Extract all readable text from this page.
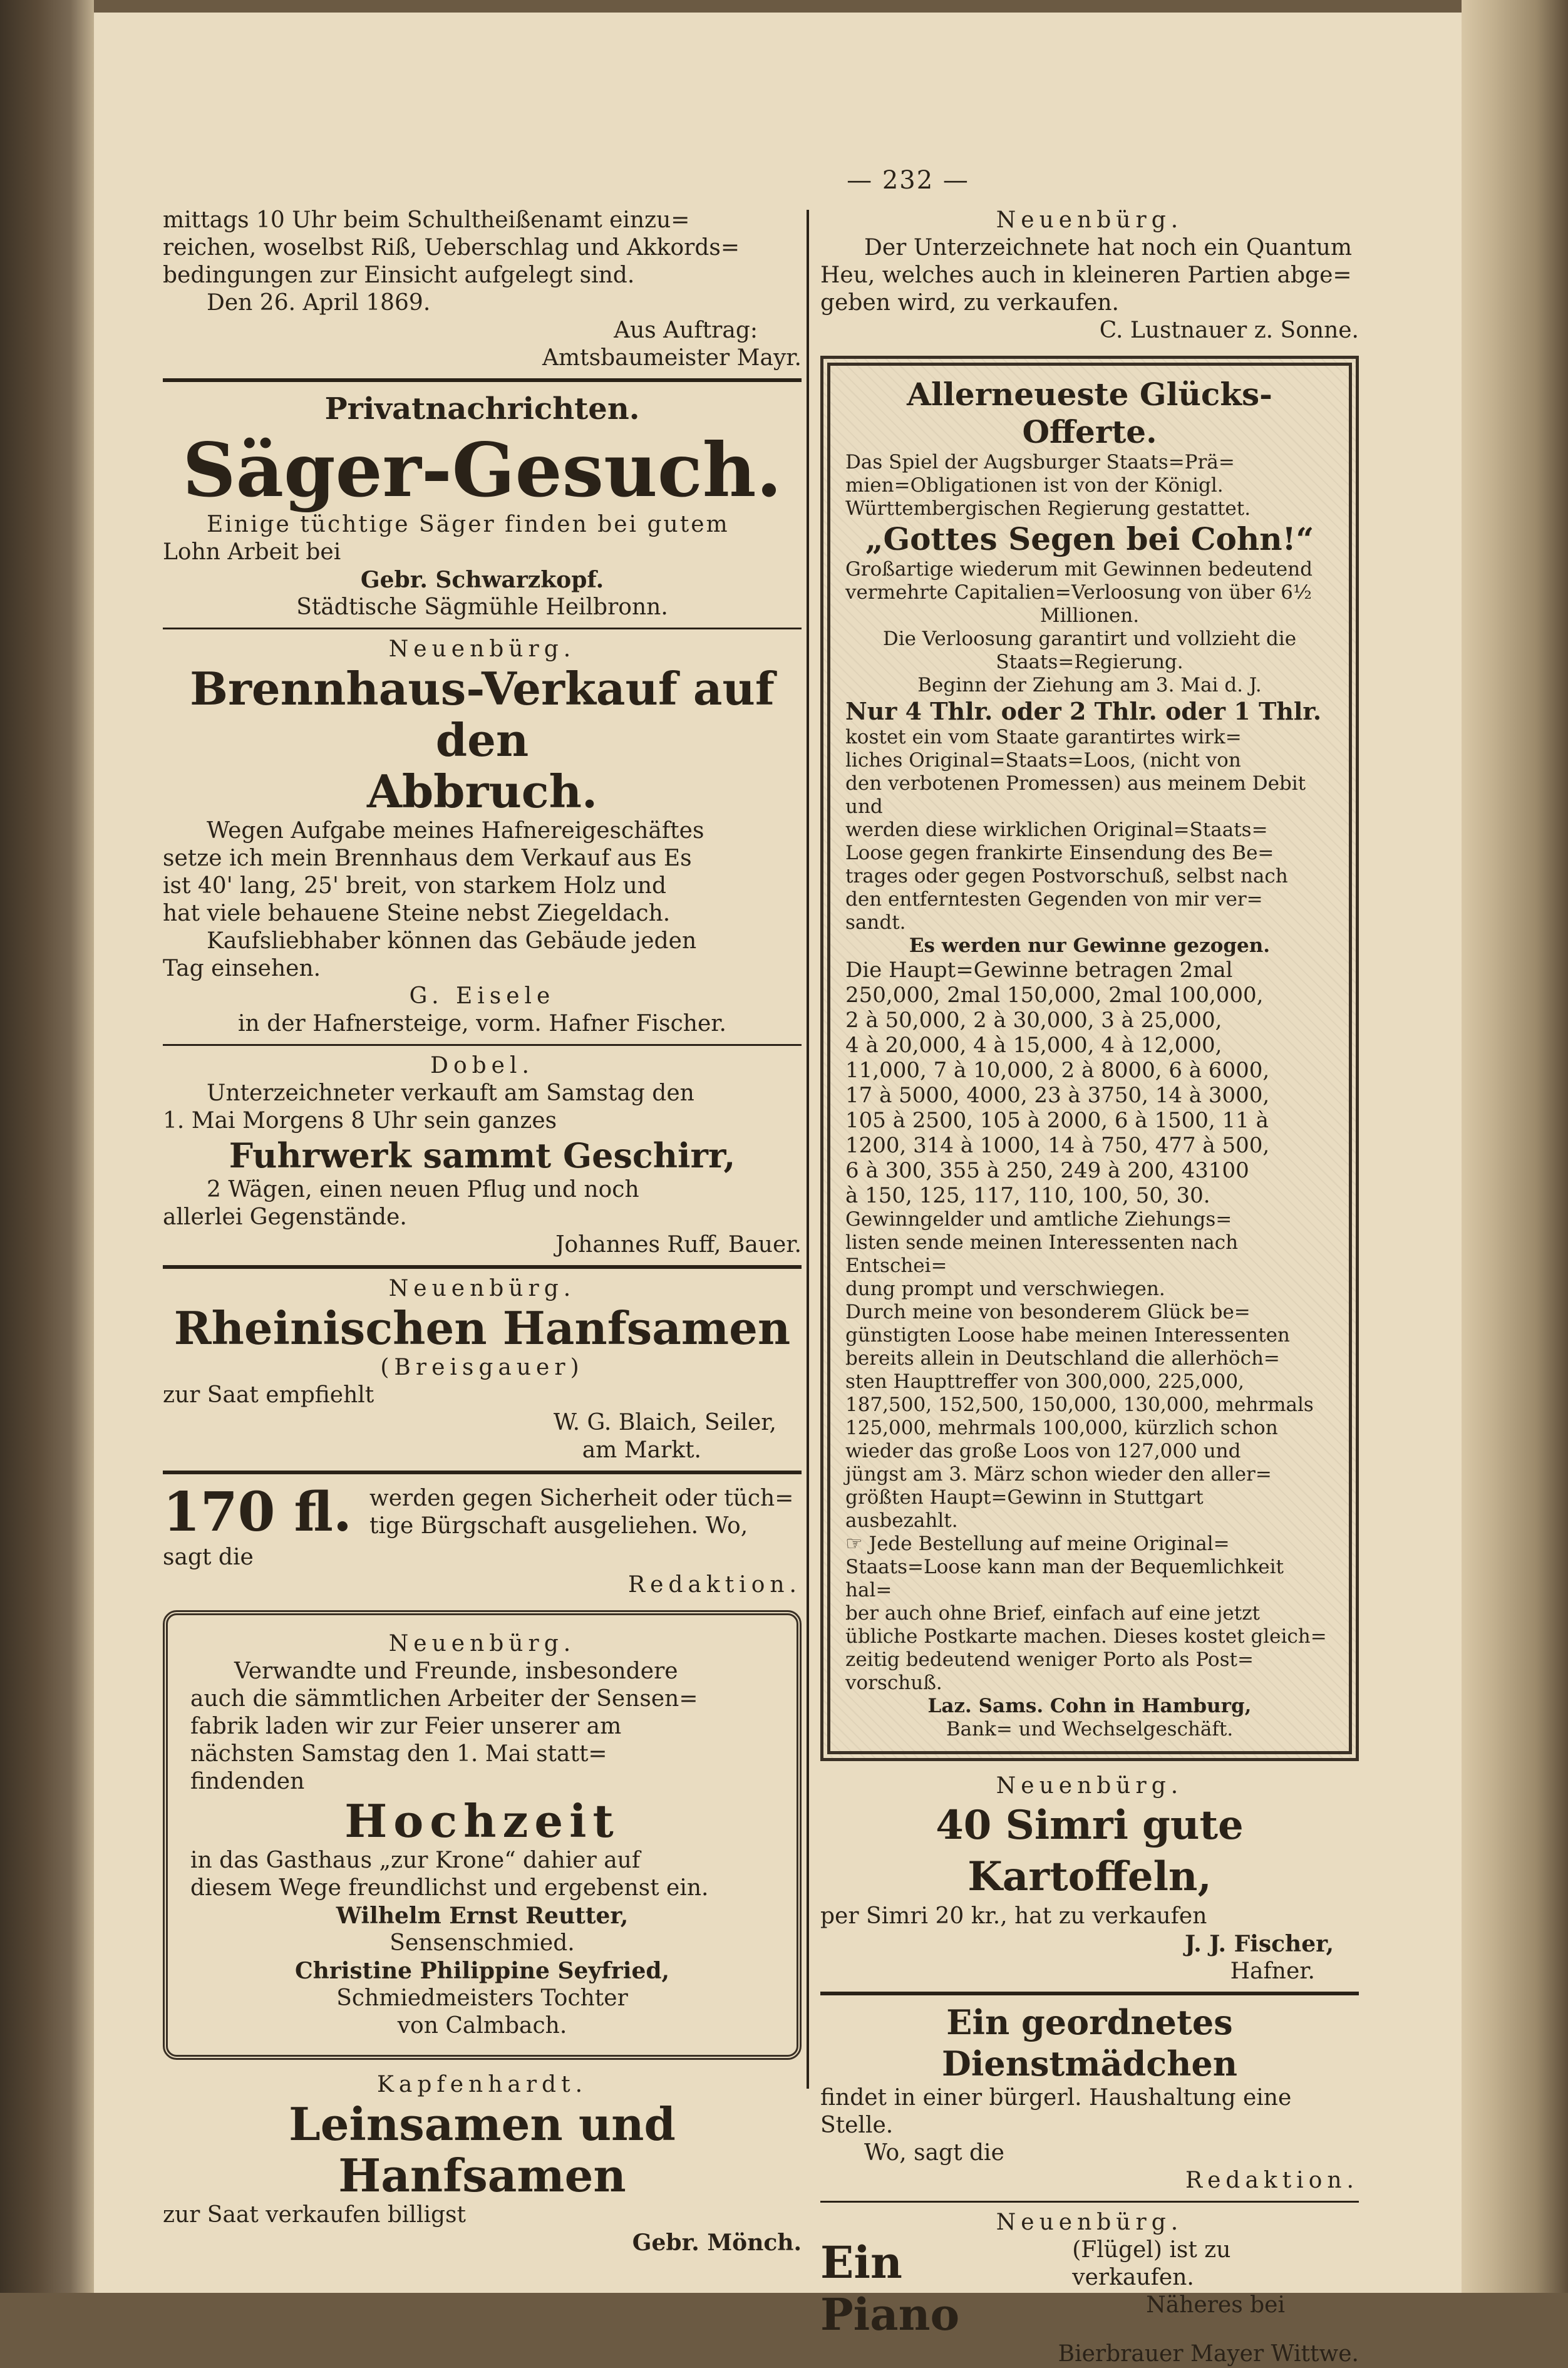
— 232 —
mittags 10 Uhr beim Schultheißenamt einzu=
reichen, woselbst Riß, Ueberschlag und Akkords=
bedingungen zur Einsicht aufgelegt sind.
Den 26. April 1869.
Aus Auftrag:
Amtsbaumeister Mayr.
Privatnachrichten.
Säger-Gesuch.
Einige tüchtige Säger finden bei gutem
Lohn Arbeit bei
Gebr. Schwarzkopf.
Städtische Sägmühle Heilbronn.
Neuenbürg.
Brennhaus-Verkauf auf den
Abbruch.
Wegen Aufgabe meines Hafnereigeschäftes
setze ich mein Brennhaus dem Verkauf aus Es
ist 40' lang, 25' breit, von starkem Holz und
hat viele behauene Steine nebst Ziegeldach.
Kaufsliebhaber können das Gebäude jeden
Tag einsehen.
G. Eisele
in der Hafnersteige, vorm. Hafner Fischer.
Dobel.
Unterzeichneter verkauft am Samstag den
1. Mai Morgens 8 Uhr sein ganzes
Fuhrwerk sammt Geschirr,
2 Wägen, einen neuen Pflug und noch
allerlei Gegenstände.
Johannes Ruff, Bauer.
Neuenbürg.
Rheinischen Hanfsamen
(Breisgauer)
zur Saat empfiehlt
W. G. Blaich, Seiler,
am Markt.
170 fl. werden gegen Sicherheit oder tüch=
tige Bürgschaft ausgeliehen. Wo,
sagt die
Redaktion.
Neuenbürg.
Verwandte und Freunde, insbesondere
auch die sämmtlichen Arbeiter der Sensen=
fabrik laden wir zur Feier unserer am
nächsten Samstag den 1. Mai statt=
findenden
Hochzeit
in das Gasthaus „zur Krone“ dahier auf
diesem Wege freundlichst und ergebenst ein.
Wilhelm Ernst Reutter,
Sensenschmied.
Christine Philippine Seyfried,
Schmiedmeisters Tochter
von Calmbach.
Kapfenhardt.
Leinsamen und Hanfsamen
zur Saat verkaufen billigst
Gebr. Mönch.
Neuenbürg.
Der Unterzeichnete hat noch ein Quantum
Heu, welches auch in kleineren Partien abge=
geben wird, zu verkaufen.
C. Lustnauer z. Sonne.
Allerneueste Glücks-Offerte.
Das Spiel der Augsburger Staats=Prä=
mien=Obligationen ist von der Königl.
Württembergischen Regierung gestattet.
„Gottes Segen bei Cohn!“
Großartige wiederum mit Gewinnen bedeutend
vermehrte Capitalien=Verloosung von über 6½
Millionen.
Die Verloosung garantirt und vollzieht die
Staats=Regierung.
Beginn der Ziehung am 3. Mai d. J.
Nur 4 Thlr. oder 2 Thlr. oder 1 Thlr.
kostet ein vom Staate garantirtes wirk=
liches Original=Staats=Loos, (nicht von
den verbotenen Promessen) aus meinem Debit und
werden diese wirklichen Original=Staats=
Loose gegen frankirte Einsendung des Be=
trages oder gegen Postvorschuß, selbst nach
den entferntesten Gegenden von mir ver=
sandt.
Es werden nur Gewinne gezogen.
Die Haupt=Gewinne betragen 2mal
250,000, 2mal 150,000, 2mal 100,000,
2 à 50,000, 2 à 30,000, 3 à 25,000,
4 à 20,000, 4 à 15,000, 4 à 12,000,
11,000, 7 à 10,000, 2 à 8000, 6 à 6000,
17 à 5000, 4000, 23 à 3750, 14 à 3000,
105 à 2500, 105 à 2000, 6 à 1500, 11 à
1200, 314 à 1000, 14 à 750, 477 à 500,
6 à 300, 355 à 250, 249 à 200, 43100
à 150, 125, 117, 110, 100, 50, 30.
Gewinngelder und amtliche Ziehungs=
listen sende meinen Interessenten nach Entschei=
dung prompt und verschwiegen.
Durch meine von besonderem Glück be=
günstigten Loose habe meinen Interessenten
bereits allein in Deutschland die allerhöch=
sten Haupttreffer von 300,000, 225,000,
187,500, 152,500, 150,000, 130,000, mehrmals
125,000, mehrmals 100,000, kürzlich schon
wieder das große Loos von 127,000 und
jüngst am 3. März schon wieder den aller=
größten Haupt=Gewinn in Stuttgart
ausbezahlt.
☞ Jede Bestellung auf meine Original=
Staats=Loose kann man der Bequemlichkeit hal=
ber auch ohne Brief, einfach auf eine jetzt
übliche Postkarte machen. Dieses kostet gleich=
zeitig bedeutend weniger Porto als Post=
vorschuß.
Laz. Sams. Cohn in Hamburg,
Bank= und Wechselgeschäft.
Neuenbürg.
40 Simri gute Kartoffeln,
per Simri 20 kr., hat zu verkaufen
J. J. Fischer,
Hafner.
Ein geordnetes Dienstmädchen
findet in einer bürgerl. Haushaltung eine Stelle.
Wo, sagt die
Redaktion.
Neuenbürg.
Ein Piano
(Flügel) ist zu verkaufen.
Näheres bei
Bierbrauer Mayer Wittwe.
